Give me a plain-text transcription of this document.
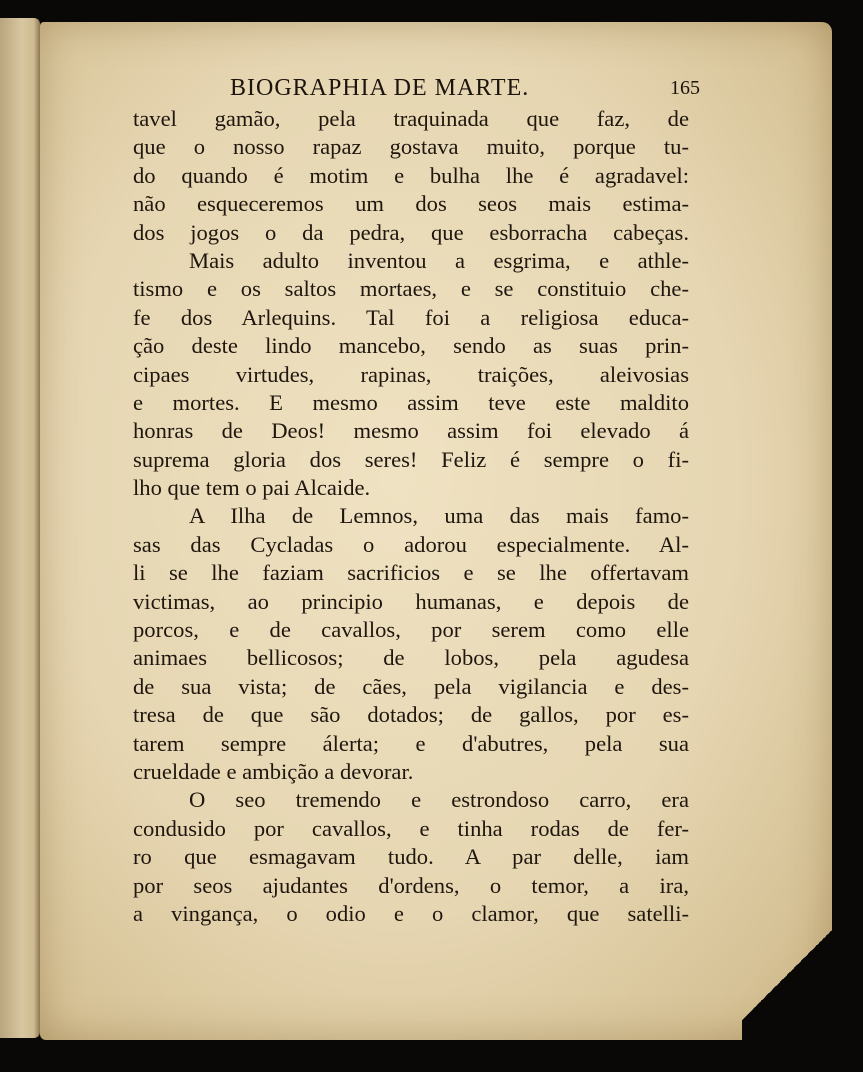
BIOGRAPHIA DE MARTE.	165
tavel gamão, pela traquinada que faz, de
que o nosso rapaz gostava muito, porque tu-
do quando é motim e bulha lhe é agradavel:
não esqueceremos um dos seos mais estima-
dos jogos o da pedra, que esborracha cabeças.
Mais adulto inventou a esgrima, e athle-
tismo e os saltos mortaes, e se constituio che-
fe dos Arlequins. Tal foi a religiosa educa-
ção deste lindo mancebo, sendo as suas prin-
cipaes virtudes, rapinas, traições, aleivosias
e mortes. E mesmo assim teve este maldito
honras de Deos! mesmo assim foi elevado á
suprema gloria dos seres! Feliz é sempre o fi-
lho que tem o pai Alcaide.
A Ilha de Lemnos, uma das mais famo-
sas das Cycladas o adorou especialmente. Al-
li se lhe faziam sacrificios e se lhe offertavam
victimas, ao principio humanas, e depois de
porcos, e de cavallos, por serem como elle
animaes bellicosos; de lobos, pela agudesa
de sua vista; de cães, pela vigilancia e des-
tresa de que são dotados; de gallos, por es-
tarem sempre álerta; e d'abutres, pela sua
crueldade e ambição a devorar.
O seo tremendo e estrondoso carro, era
condusido por cavallos, e tinha rodas de fer-
ro que esmagavam tudo. A par delle, iam
por seos ajudantes d'ordens, o temor, a ira,
a vingança, o odio e o clamor, que satelli-
